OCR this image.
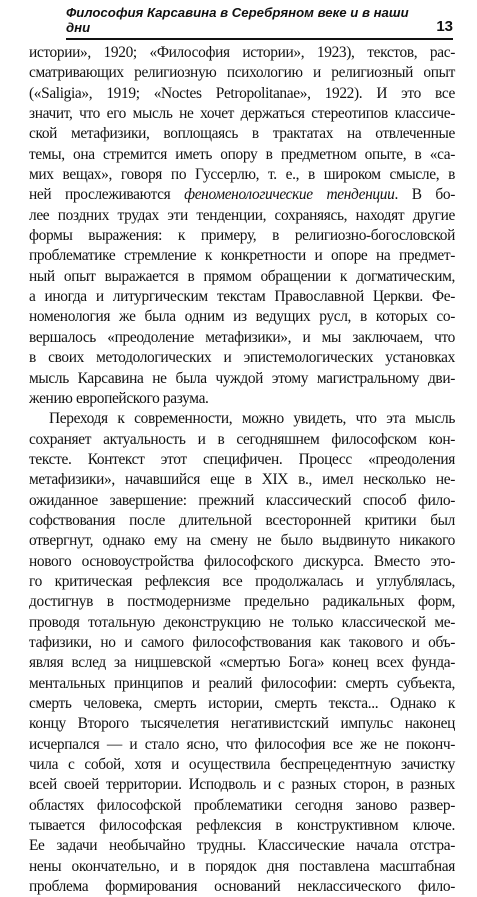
Философия Карсавина в Серебряном веке и в наши дни	13

истории», 1920; «Философия истории», 1923), текстов, рас-

сматривающих религиозную психологию и религиозный опыт

(«Saligia», 1919; «Noctes Petropolitanae», 1922). И это все

значит, что его мысль не хочет держаться стереотипов классиче-

ской метафизики, воплощаясь в трактатах на отвлеченные

темы, она стремится иметь опору в предметном опыте, в «са-

мих вещах», говоря по Гуссерлю, т. е., в широком смысле, в

ней прослеживаются феноменологические тенденции. В бо-

лее поздних трудах эти тенденции, сохраняясь, находят другие

формы выражения: к примеру, в религиозно-богословской

проблематике стремление к конкретности и опоре на предмет-

ный опыт выражается в прямом обращении к догматическим,

а иногда и литургическим текстам Православной Церкви. Фе-

номенология же была одним из ведущих русл, в которых со-

вершалось «преодоление метафизики», и мы заключаем, что

в своих методологических и эпистемологических установках

мысль Карсавина не была чуждой этому магистральному дви-

жению европейского разума.

Переходя к современности, можно увидеть, что эта мысль

сохраняет актуальность и в сегодняшнем философском кон-

тексте. Контекст этот специфичен. Процесс «преодоления

метафизики», начавшийся еще в XIX в., имел несколько не-

ожиданное завершение: прежний классический способ фило-

софствования после длительной всесторонней критики был

отвергнут, однако ему на смену не было выдвинуто никакого

нового основоустройства философского дискурса. Вместо это-

го критическая рефлексия все продолжалась и углублялась,

достигнув в постмодернизме предельно радикальных форм,

проводя тотальную деконструкцию не только классической ме-

тафизики, но и самого философствования как такового и объ-

являя вслед за ницшевской «смертью Бога» конец всех фунда-

ментальных принципов и реалий философии: смерть субъекта,

смерть человека, смерть истории, смерть текста... Однако к

концу Второго тысячелетия негативистский импульс наконец

исчерпался — и стало ясно, что философия все же не поконч-

чила с собой, хотя и осуществила беспрецедентную зачистку

всей своей территории. Исподволь и с разных сторон, в разных

областях философской проблематики сегодня заново развер-

тывается философская рефлексия в конструктивном ключе.

Ее задачи необычайно трудны. Классические начала отстра-

нены окончательно, и в порядок дня поставлена масштабная

проблема формирования оснований неклассического фило-
